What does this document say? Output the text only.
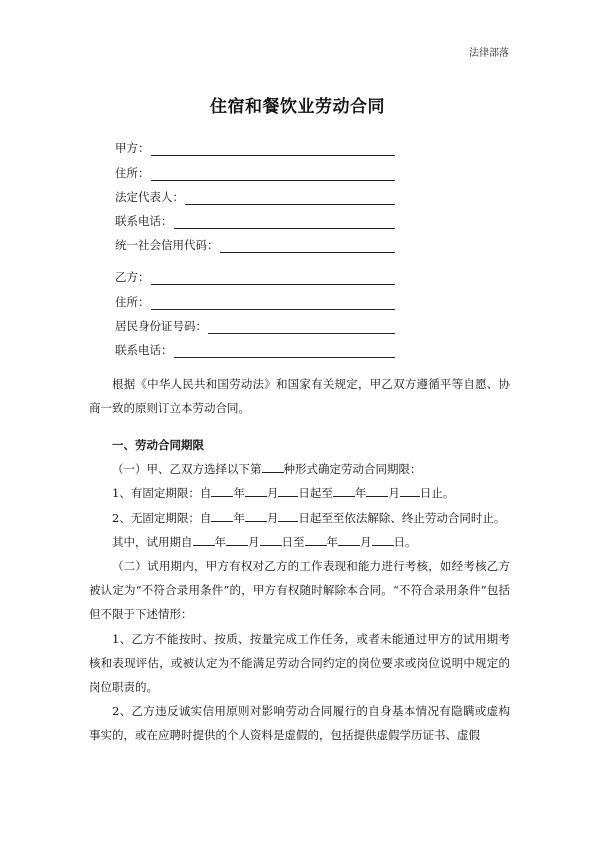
法律部落
住宿和餐饮业劳动合同
甲方：
住所：
法定代表人：
联系电话：
统一社会信用代码：
乙方：
住所：
居民身份证号码：
联系电话：

根据《中华人民共和国劳动法》和国家有关规定，甲乙双方遵循平等自愿、协商一致的原则订立本劳动合同。

一、劳动合同期限

（一）甲、乙双方选择以下第 种形式确定劳动合同期限：

1、有固定期限：自 年 月 日起至 年 月 日止。

2、无固定期限：自 年 月 日起至至依法解除、终止劳动合同时止。

其中，试用期自 年 月 日至 年 月 日。

（二）试用期内，甲方有权对乙方的工作表现和能力进行考核，如经考核乙方被认定为“不符合录用条件”的，甲方有权随时解除本合同。“不符合录用条件”包括但不限于下述情形：

1、乙方不能按时、按质、按量完成工作任务，或者未能通过甲方的试用期考核和表现评估，或被认定为不能满足劳动合同约定的岗位要求或岗位说明中规定的岗位职责的。

2、乙方违反诚实信用原则对影响劳动合同履行的自身基本情况有隐瞒或虚构事实的，或在应聘时提供的个人资料是虚假的，包括提供虚假学历证书、虚假
